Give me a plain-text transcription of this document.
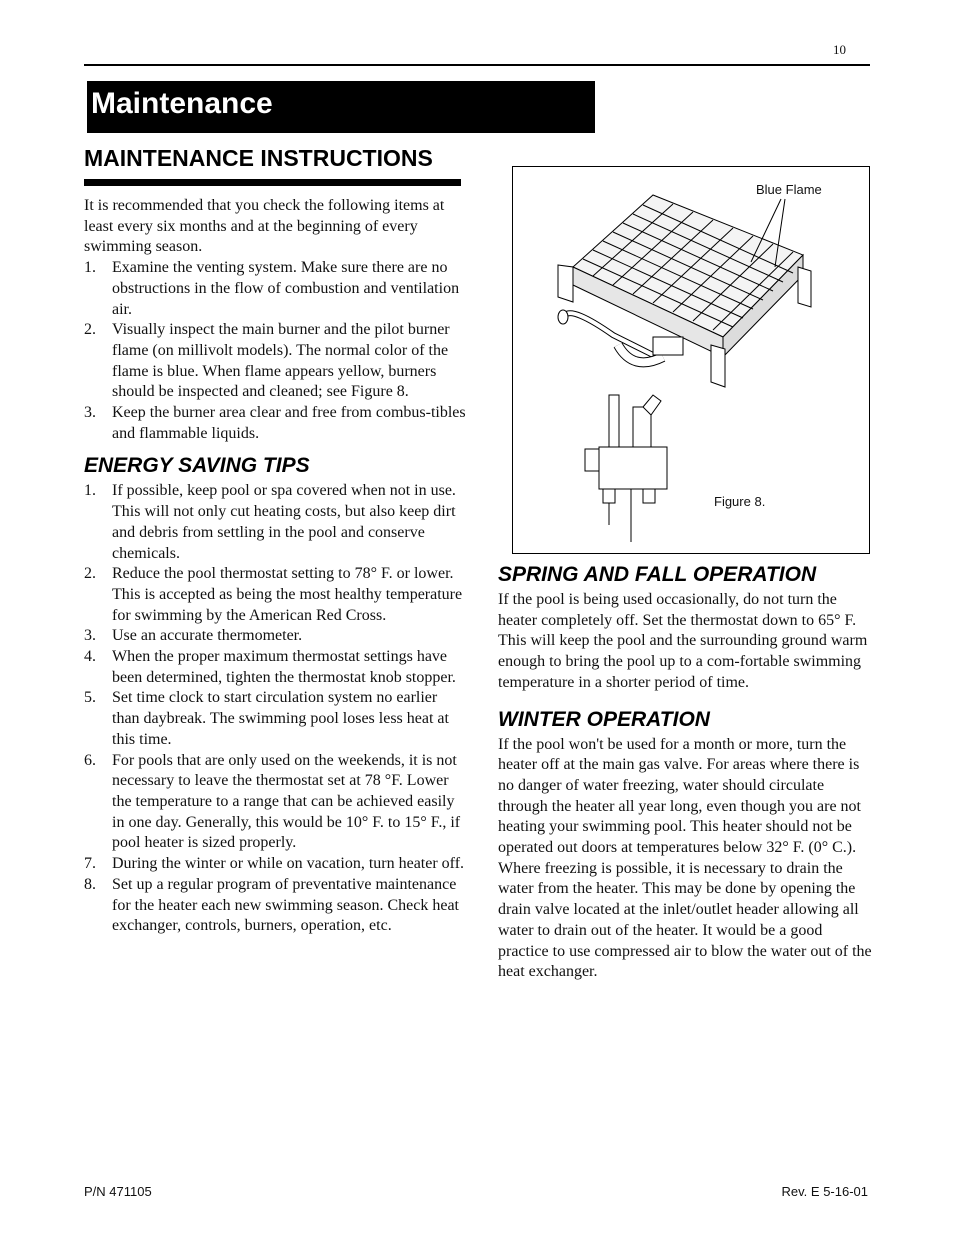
10
Maintenance
MAINTENANCE INSTRUCTIONS
It is recommended that you check the following items at least every six months and at the beginning of every swimming season.
1. Examine the venting system. Make sure there are no obstructions in the flow of combustion and ventilation air.
2. Visually inspect the main burner and the pilot burner flame (on millivolt models). The normal color of the flame is blue. When flame appears yellow, burners should be inspected and cleaned; see Figure 8.
3. Keep the burner area clear and free from combus-tibles and flammable liquids.
ENERGY SAVING TIPS
1. If possible, keep pool or spa covered when not in use. This will not only cut heating costs, but also keep dirt and debris from settling in the pool and conserve chemicals.
2. Reduce the pool thermostat setting to 78° F. or lower. This is accepted as being the most healthy temperature for swimming by the American Red Cross.
3. Use an accurate thermometer.
4. When the proper maximum thermostat settings have been determined, tighten the thermostat knob stopper.
5. Set time clock to start circulation system no earlier than daybreak. The swimming pool loses less heat at this time.
6. For pools that are only used on the weekends, it is not necessary to leave the thermostat set at 78 °F. Lower the temperature to a range that can be achieved easily in one day. Generally, this would be 10° F. to 15° F., if pool heater is sized properly.
7. During the winter or while on vacation, turn heater off.
8. Set up a regular program of preventative maintenance for the heater each new swimming season. Check heat exchanger, controls, burners, operation, etc.
Blue Flame
Figure 8.
SPRING AND FALL OPERATION
If the pool is being used occasionally, do not turn the heater completely off. Set the thermostat down to 65° F. This will keep the pool and the surrounding ground warm enough to bring the pool up to a com-fortable swimming temperature in a shorter period of time.
WINTER OPERATION
If the pool won't be used for a month or more, turn the heater off at the main gas valve. For areas where there is no danger of water freezing, water should circulate through the heater all year long, even though you are not heating your swimming pool. This heater should not be operated out doors at temperatures below 32° F. (0° C.). Where freezing is possible, it is necessary to drain the water from the heater. This may be done by opening the drain valve located at the inlet/outlet header allowing all water to drain out of the heater. It would be a good practice to use compressed air to blow the water out of the heat exchanger.
P/N 471105	Rev. E 5-16-01
